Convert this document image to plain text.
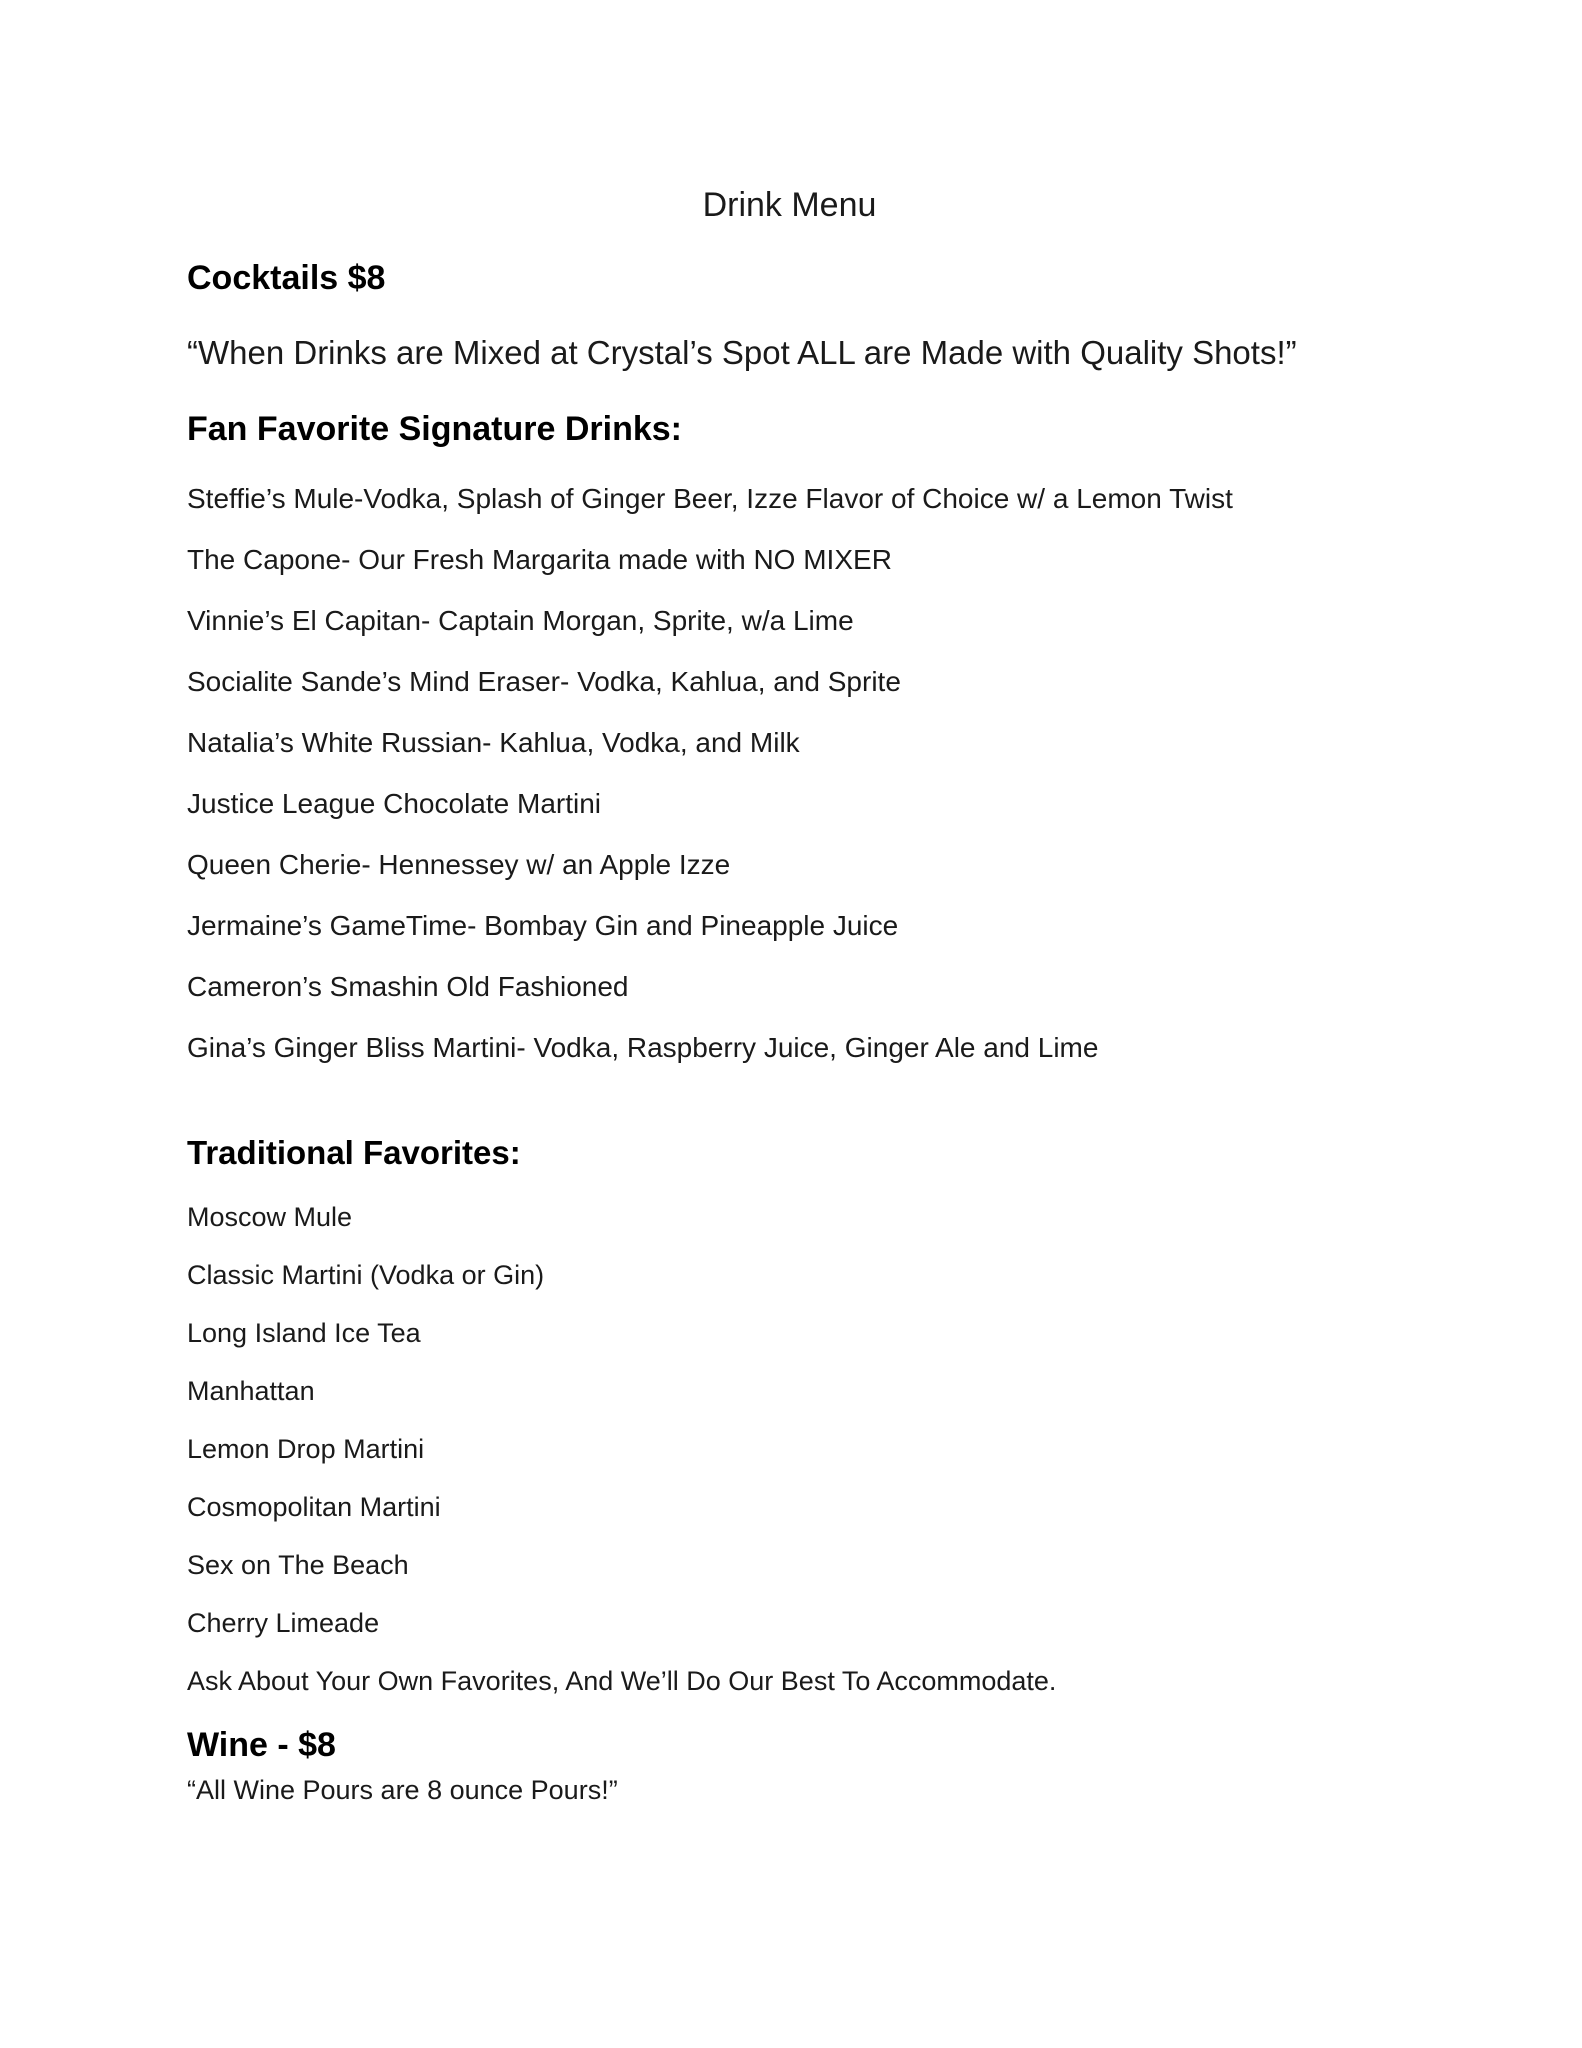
Drink Menu
Cocktails $8

“When Drinks are Mixed at Crystal’s Spot ALL are Made with Quality Shots!”

Fan Favorite Signature Drinks:

Steffie’s Mule-Vodka, Splash of Ginger Beer, Izze Flavor of Choice w/ a Lemon Twist

The Capone- Our Fresh Margarita made with NO MIXER

Vinnie’s El Capitan- Captain Morgan, Sprite, w/a Lime

Socialite Sande’s Mind Eraser- Vodka, Kahlua, and Sprite

Natalia’s White Russian- Kahlua, Vodka, and Milk

Justice League Chocolate Martini

Queen Cherie- Hennessey w/ an Apple Izze

Jermaine’s GameTime- Bombay Gin and Pineapple Juice

Cameron’s Smashin Old Fashioned

Gina’s Ginger Bliss Martini- Vodka, Raspberry Juice, Ginger Ale and Lime

Traditional Favorites:

Moscow Mule

Classic Martini (Vodka or Gin)

Long Island Ice Tea

Manhattan

Lemon Drop Martini

Cosmopolitan Martini

Sex on The Beach

Cherry Limeade

Ask About Your Own Favorites, And We’ll Do Our Best To Accommodate.

Wine - $8

“All Wine Pours are 8 ounce Pours!”
